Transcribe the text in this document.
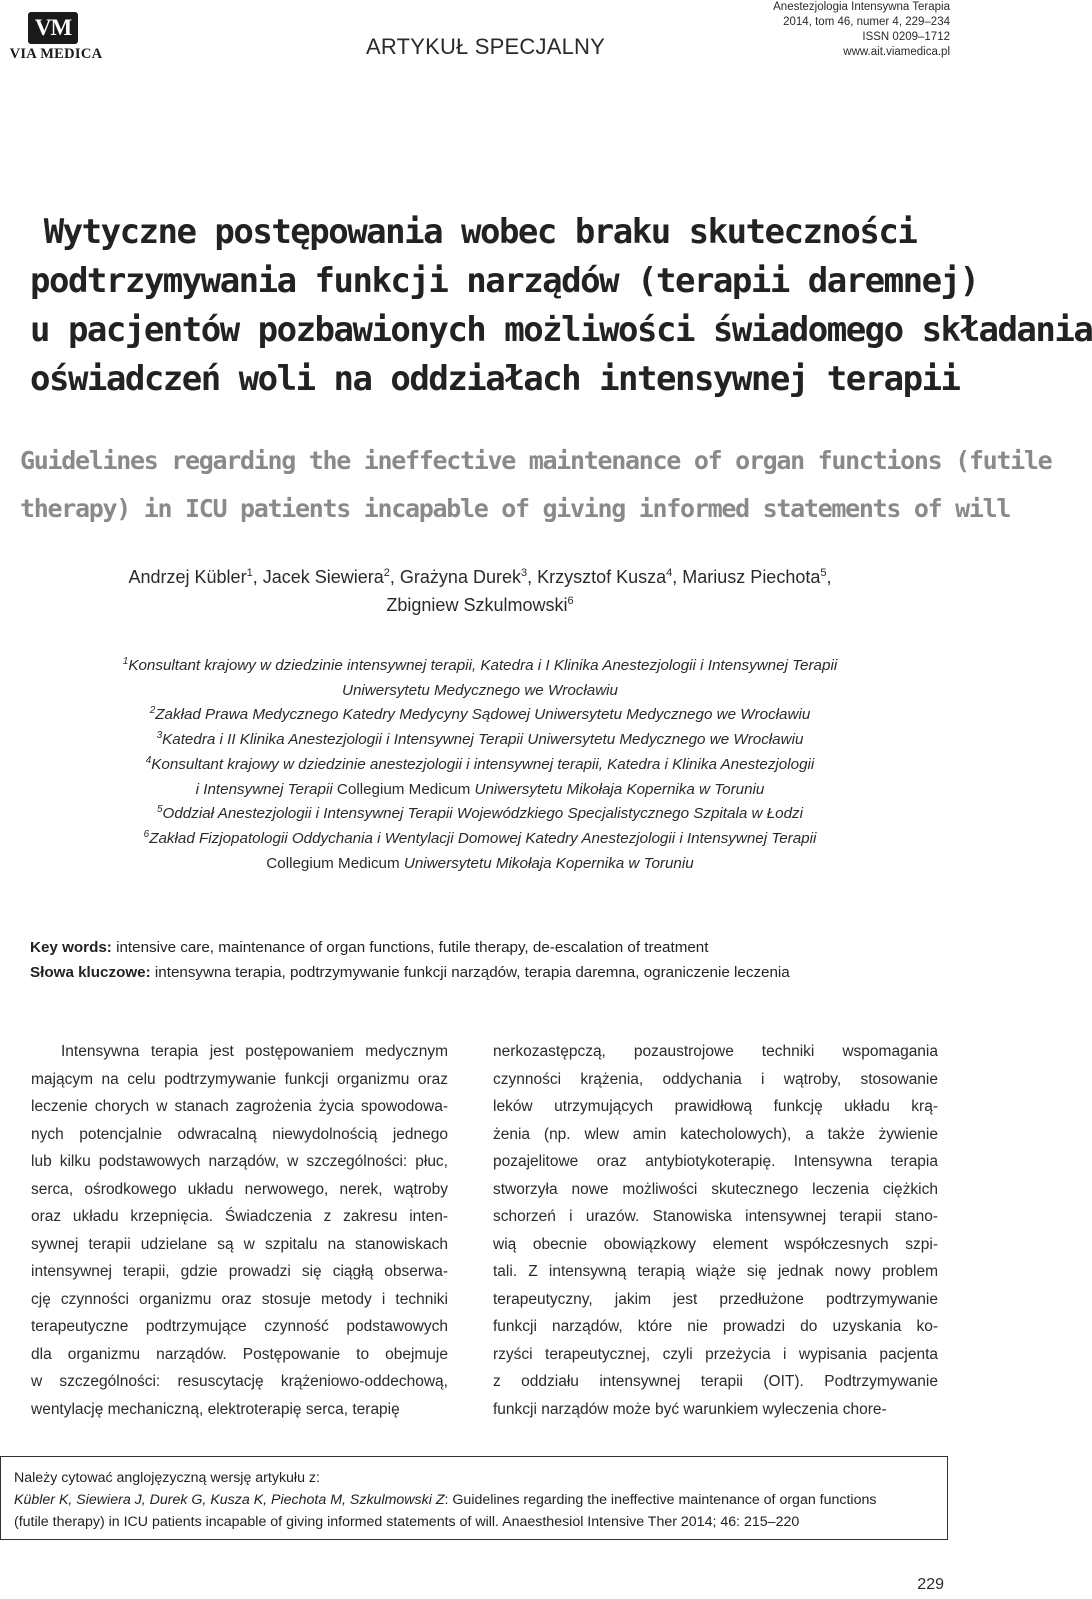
VM
VIA MEDICA	ARTYKUŁ SPECJALNY
Anestezjologia Intensywna Terapia
2014, tom 46, numer 4, 229–234
ISSN 0209–1712
www.ait.viamedica.pl
Wytyczne postępowania wobec braku skuteczności
podtrzymywania funkcji narządów (terapii daremnej)
u pacjentów pozbawionych możliwości świadomego składania
oświadczeń woli na oddziałach intensywnej terapii
Guidelines regarding the ineffective maintenance of organ functions (futile
therapy) in ICU patients incapable of giving informed statements of will
Andrzej Kübler$^1$, Jacek Siewiera$^2$, Grażyna Durek$^3$, Krzysztof Kusza$^4$, Mariusz Piechota$^5$,
Zbigniew Szkulmowski$^6$
$^1$Konsultant krajowy w dziedzinie intensywnej terapii, Katedra i I Klinika Anestezjologii i Intensywnej Terapii
Uniwersytetu Medycznego we Wrocławiu
$^2$Zakład Prawa Medycznego Katedry Medycyny Sądowej Uniwersytetu Medycznego we Wrocławiu
$^3$Katedra i II Klinika Anestezjologii i Intensywnej Terapii Uniwersytetu Medycznego we Wrocławiu
$^4$Konsultant krajowy w dziedzinie anestezjologii i intensywnej terapii, Katedra i Klinika Anestezjologii
i Intensywnej Terapii Collegium Medicum Uniwersytetu Mikołaja Kopernika w Toruniu
$^5$Oddział Anestezjologii i Intensywnej Terapii Wojewódzkiego Specjalistycznego Szpitala w Łodzi
$^6$Zakład Fizjopatologii Oddychania i Wentylacji Domowej Katedry Anestezjologii i Intensywnej Terapii
Collegium Medicum Uniwersytetu Mikołaja Kopernika w Toruniu
Key words: intensive care, maintenance of organ functions, futile therapy, de-escalation of treatment
Słowa kluczowe: intensywna terapia, podtrzymywanie funkcji narządów, terapia daremna, ograniczenie leczenia
Intensywna terapia jest postępowaniem medycznym
mającym na celu podtrzymywanie funkcji organizmu oraz
leczenie chorych w stanach zagrożenia życia spowodowa-
nych potencjalnie odwracalną niewydolnością jednego
lub kilku podstawowych narządów, w szczególności: płuc,
serca, ośrodkowego układu nerwowego, nerek, wątroby
oraz układu krzepnięcia. Świadczenia z zakresu inten-
sywnej terapii udzielane są w szpitalu na stanowiskach
intensywnej terapii, gdzie prowadzi się ciągłą obserwa-
cję czynności organizmu oraz stosuje metody i techniki
terapeutyczne podtrzymujące czynność podstawowych
dla organizmu narządów. Postępowanie to obejmuje
w szczególności: resuscytację krążeniowo-oddechową,
wentylację mechaniczną, elektroterapię serca, terapię
nerkozastępczą, pozaustrojowe techniki wspomagania
czynności krążenia, oddychania i wątroby, stosowanie
leków utrzymujących prawidłową funkcję układu krą-
żenia (np. wlew amin katecholowych), a także żywienie
pozajelitowe oraz antybiotykoterapię. Intensywna terapia
stworzyła nowe możliwości skutecznego leczenia ciężkich
schorzeń i urazów. Stanowiska intensywnej terapii stano-
wią obecnie obowiązkowy element współczesnych szpi-
tali. Z intensywną terapią wiąże się jednak nowy problem
terapeutyczny, jakim jest przedłużone podtrzymywanie
funkcji narządów, które nie prowadzi do uzyskania ko-
rzyści terapeutycznej, czyli przeżycia i wypisania pacjenta
z oddziału intensywnej terapii (OIT). Podtrzymywanie
funkcji narządów może być warunkiem wyleczenia chore-
Należy cytować anglojęzyczną wersję artykułu z:
Kübler K, Siewiera J, Durek G, Kusza K, Piechota M, Szkulmowski Z: Guidelines regarding the ineffective maintenance of organ functions
(futile therapy) in ICU patients incapable of giving informed statements of will. Anaesthesiol Intensive Ther 2014; 46: 215–220
229
